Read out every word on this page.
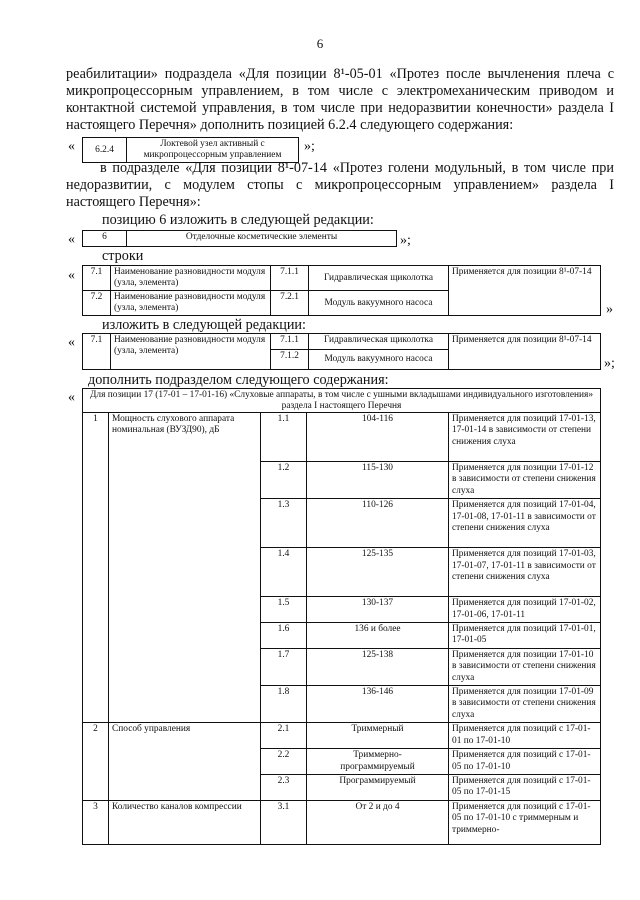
6
реабилитации» подраздела «Для позиции 8¹-05-01 «Протез после вычленения плеча с микропроцессорным управлением, в том числе с электромеханическим приводом и контактной системой управления, в том числе при недоразвитии конечности» раздела I настоящего Перечня» дополнить позицией 6.2.4 следующего содержания:
« 6.2.4	Локтевой узел активный с микропроцессорным управлением
»;
в подразделе «Для позиции 8¹-07-14 «Протез голени модульный, в том числе при недоразвитии, с модулем стопы с микропроцессорным управлением» раздела I настоящего Перечня»:
позицию 6 изложить в следующей редакции:
«	6	Отделочные косметические элементы	»;
строки
« 7.1	Наименование разновидности модуля (узла, элемента)	7.1.1	Гидравлическая щиколотка	Применяется для позиции 8¹-07-14
7.2	Наименование разновидности модуля (узла, элемента)	7.2.1	Модуль вакуумного насоса		»
изложить в следующей редакции:
« 7.1	Наименование разновидности модуля (узла, элемента)	7.1.1	Гидравлическая щиколотка	Применяется для позиции 8¹-07-14
		7.1.2	Модуль вакуумного насоса		»;
дополнить подразделом следующего содержания:
« Для позиции 17 (17-01 – 17-01-16) «Слуховые аппараты, в том числе с ушными вкладышами индивидуального изготовления» раздела I настоящего Перечня				
1	Мощность слухового аппарата номинальная (ВУЗД90), дБ	1.1	104-116	Применяется для позиций 17-01-13, 17-01-14 в зависимости от степени снижения слуха
		1.2	115-130	Применяется для позиции 17-01-12 в зависимости от степени снижения слуха
		1.3	110-126	Применяется для позиций 17-01-04, 17-01-08, 17-01-11 в зависимости от степени снижения слуха
		1.4	125-135	Применяется для позиций 17-01-03, 17-01-07, 17-01-11 в зависимости от степени снижения слуха
		1.5	130-137	Применяется для позиций 17-01-02, 17-01-06, 17-01-11
		1.6	136 и более	Применяется для позиций 17-01-01, 17-01-05
		1.7	125-138	Применяется для позиции 17-01-10 в зависимости от степени снижения слуха
		1.8	136-146	Применяется для позиции 17-01-09 в зависимости от степени снижения слуха
2	Способ управления	2.1	Триммерный	Применяется для позиций с 17-01-01 по 17-01-10
		2.2	Триммерно-программируемый	Применяется для позиций с 17-01-05 по 17-01-10
		2.3	Программируемый	Применяется для позиций с 17-01-05 по 17-01-15
3	Количество каналов компрессии	3.1	От 2 и до 4	Применяется для позиций с 17-01-05 по 17-01-10 с триммерным и триммерно-
